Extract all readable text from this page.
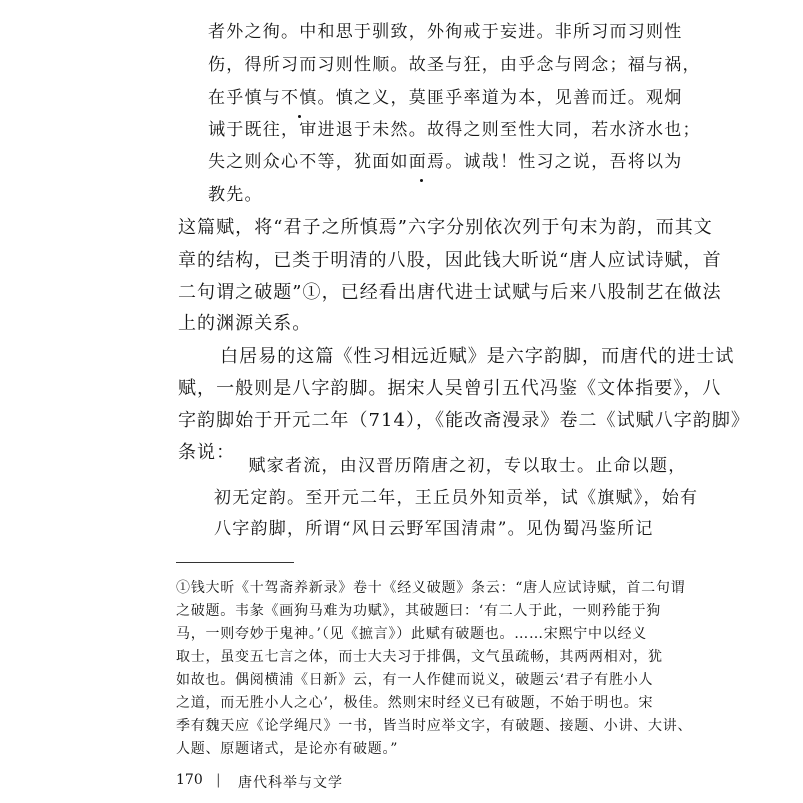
者外之徇。中和思于驯致，外徇戒于妄进。非所习而习则性
伤，得所习而习则性顺。故圣与狂，由乎念与罔念；福与祸，
在乎慎与不慎。慎之义，莫匪乎率道为本，见善而迁。观炯
诫于既往，审进退于未然。故得之则至性大同，若水济水也；
失之则众心不等，犹面如面焉。诚哉！性习之说，吾将以为
教先。
这篇赋，将“君子之所慎焉”六字分别依次列于句末为韵，而其文
章的结构，已类于明清的八股，因此钱大昕说“唐人应试诗赋，首
二句谓之破题”①，已经看出唐代进士试赋与后来八股制艺在做法
上的渊源关系。
　　白居易的这篇《性习相远近赋》是六字韵脚，而唐代的进士试
赋，一般则是八字韵脚。据宋人吴曾引五代冯鉴《文体指要》，八
字韵脚始于开元二年（714），《能改斋漫录》卷二《试赋八字韵脚》
条说：
　　赋家者流，由汉晋历隋唐之初，专以取士。止命以题，
初无定韵。至开元二年，王丘员外知贡举，试《旗赋》，始有
八字韵脚，所谓“风日云野军国清肃”。见伪蜀冯鉴所记
①钱大昕《十驾斋养新录》卷十《经义破题》条云：“唐人应试诗赋，首二句谓
之破题。韦彖《画狗马难为功赋》，其破题曰：‘有二人于此，一则矜能于狗
马，一则夸妙于鬼神。’（见《摭言》）此赋有破题也。……宋熙宁中以经义
取士，虽变五七言之体，而士大夫习于排偶，文气虽疏畅，其两两相对，犹
如故也。偶阅横浦《日新》云，有一人作健而说义，破题云‘君子有胜小人
之道，而无胜小人之心’，极佳。然则宋时经义已有破题，不始于明也。宋
季有魏天应《论学绳尺》一书，皆当时应举文字，有破题、接题、小讲、大讲、
人题、原题诸式，是论亦有破题。”
170 | 唐代科举与文学
